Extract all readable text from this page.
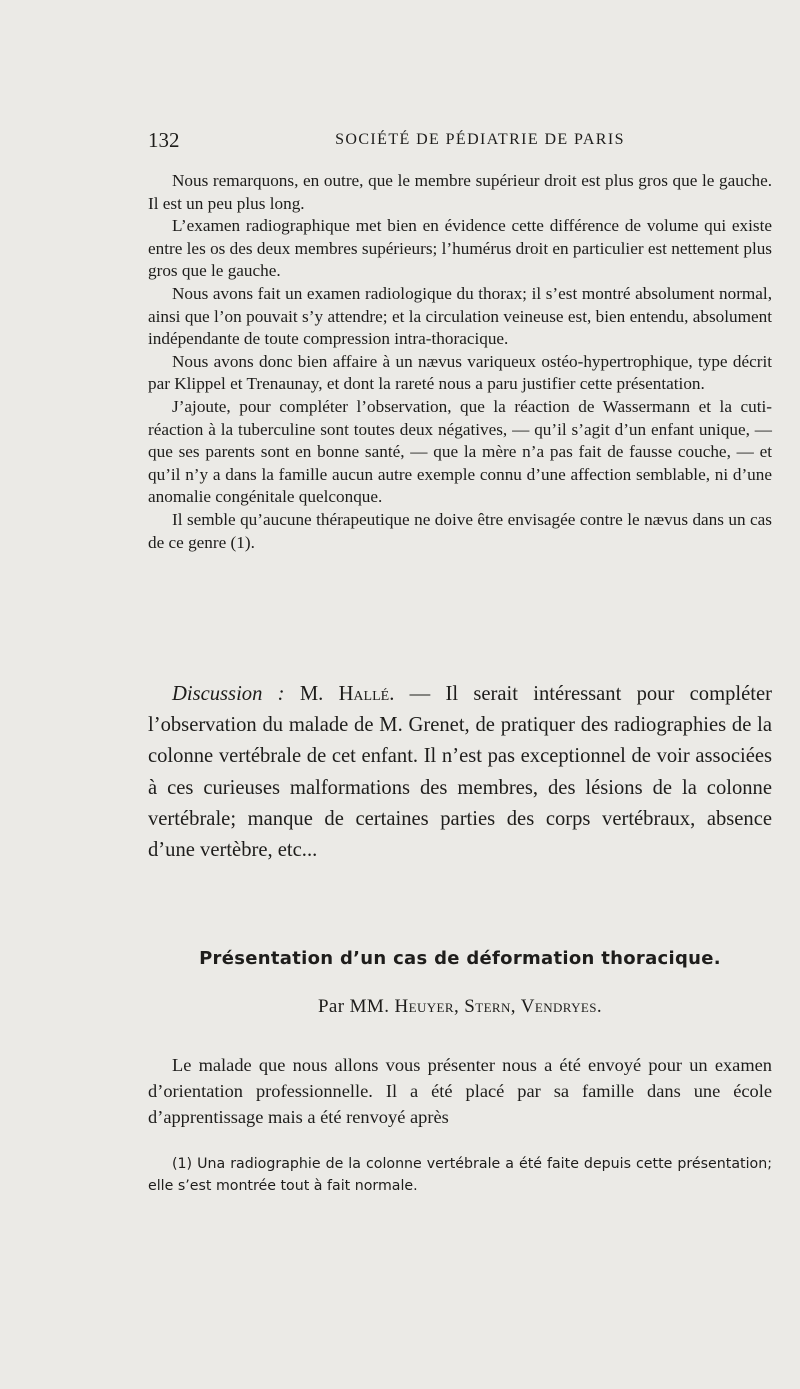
132	SOCIÉTÉ DE PÉDIATRIE DE PARIS

Nous remarquons, en outre, que le membre supérieur droit est plus gros que le gauche. Il est un peu plus long.

L’examen radiographique met bien en évidence cette différence de volume qui existe entre les os des deux membres supérieurs; l’humérus droit en particulier est nettement plus gros que le gauche.

Nous avons fait un examen radiologique du thorax; il s’est montré absolument normal, ainsi que l’on pouvait s’y attendre; et la circulation veineuse est, bien entendu, absolument indépendante de toute compression intra-thoracique.

Nous avons donc bien affaire à un nævus variqueux ostéo-hypertrophique, type décrit par Klippel et Trenaunay, et dont la rareté nous a paru justifier cette présentation.

J’ajoute, pour compléter l’observation, que la réaction de Wassermann et la cuti-réaction à la tuberculine sont toutes deux négatives, — qu’il s’agit d’un enfant unique, — que ses parents sont en bonne santé, — que la mère n’a pas fait de fausse couche, — et qu’il n’y a dans la famille aucun autre exemple connu d’une affection semblable, ni d’une anomalie congénitale quelconque.

Il semble qu’aucune thérapeutique ne doive être envisagée contre le nævus dans un cas de ce genre (1).

Discussion : M. Hallé. — Il serait intéressant pour compléter l’observation du malade de M. Grenet, de pratiquer des radiographies de la colonne vertébrale de cet enfant. Il n’est pas exceptionnel de voir associées à ces curieuses malformations des membres, des lésions de la colonne vertébrale; manque de certaines parties des corps vertébraux, absence d’une vertèbre, etc...

Présentation d’un cas de déformation thoracique.
Par MM. Heuyer, Stern, Vendryes.

Le malade que nous allons vous présenter nous a été envoyé pour un examen d’orientation professionnelle. Il a été placé par sa famille dans une école d’apprentissage mais a été renvoyé après

(1) Una radiographie de la colonne vertébrale a été faite depuis cette présentation; elle s’est montrée tout à fait normale.
